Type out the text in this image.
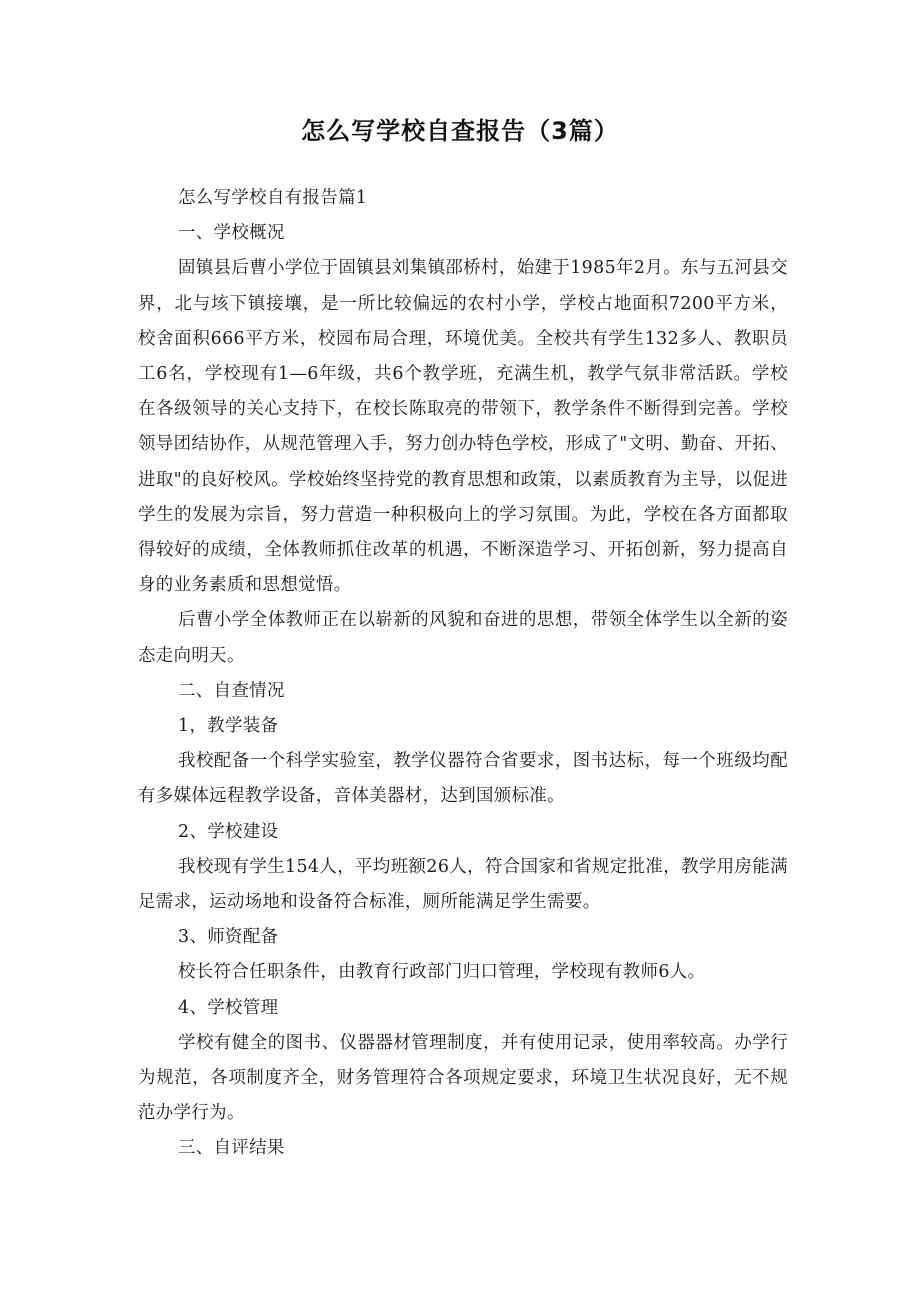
怎么写学校自查报告（3篇）

怎么写学校自有报告篇1

一、学校概况

固镇县后曹小学位于固镇县刘集镇邵桥村，始建于1985年2月。东与五河县交界，北与垓下镇接壤，是一所比较偏远的农村小学，学校占地面积7200平方米，校舍面积666平方米，校园布局合理，环境优美。全校共有学生132多人、教职员工6名，学校现有1—6年级，共6个教学班，充满生机，教学气氛非常活跃。学校在各级领导的关心支持下，在校长陈取亮的带领下，教学条件不断得到完善。学校领导团结协作，从规范管理入手，努力创办特色学校，形成了"文明、勤奋、开拓、进取"的良好校风。学校始终坚持党的教育思想和政策，以素质教育为主导，以促进学生的发展为宗旨，努力营造一种积极向上的学习氛围。为此，学校在各方面都取得较好的成绩，全体教师抓住改革的机遇，不断深造学习、开拓创新，努力提高自身的业务素质和思想觉悟。

后曹小学全体教师正在以崭新的风貌和奋进的思想，带领全体学生以全新的姿态走向明天。

二、自查情况

1，教学装备

我校配备一个科学实验室，教学仪器符合省要求，图书达标，每一个班级均配有多媒体远程教学设备，音体美器材，达到国颁标准。

2、学校建设

我校现有学生154人，平均班额26人，符合国家和省规定批准，教学用房能满足需求，运动场地和设备符合标准，厕所能满足学生需要。

3、师资配备

校长符合任职条件，由教育行政部门归口管理，学校现有教师6人。

4、学校管理

学校有健全的图书、仪器器材管理制度，并有使用记录，使用率较高。办学行为规范，各项制度齐全，财务管理符合各项规定要求，环境卫生状况良好，无不规范办学行为。

三、自评结果
